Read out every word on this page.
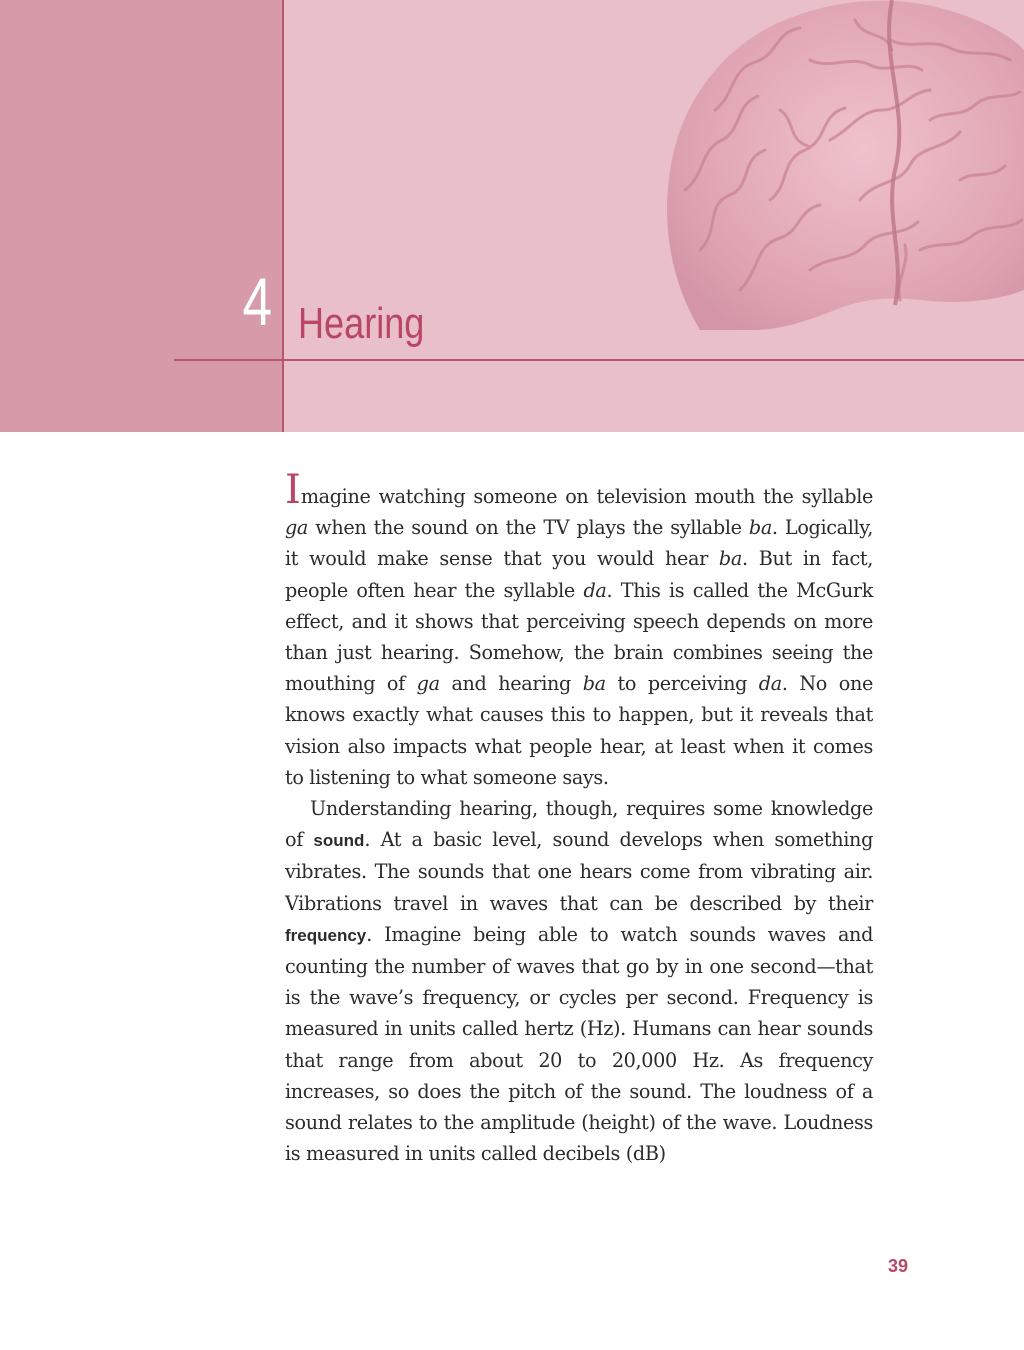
4 Hearing

Imagine watching someone on television mouth the syllable ga when the sound on the TV plays the syllable ba. Logically, it would make sense that you would hear ba. But in fact, people often hear the syllable da. This is called the McGurk effect, and it shows that perceiving speech depends on more than just hearing. Somehow, the brain combines seeing the mouthing of ga and hearing ba to perceiving da. No one knows exactly what causes this to happen, but it reveals that vision also impacts what people hear, at least when it comes to listening to what someone says.

Understanding hearing, though, requires some knowledge of sound. At a basic level, sound develops when something vibrates. The sounds that one hears come from vibrating air. Vibrations travel in waves that can be described by their frequency. Imagine being able to watch sounds waves and counting the number of waves that go by in one second—that is the wave’s frequency, or cycles per second. Frequency is measured in units called hertz (Hz). Humans can hear sounds that range from about 20 to 20,000 Hz. As frequency increases, so does the pitch of the sound. The loudness of a sound relates to the amplitude (height) of the wave. Loudness is measured in units called decibels (dB)

39
